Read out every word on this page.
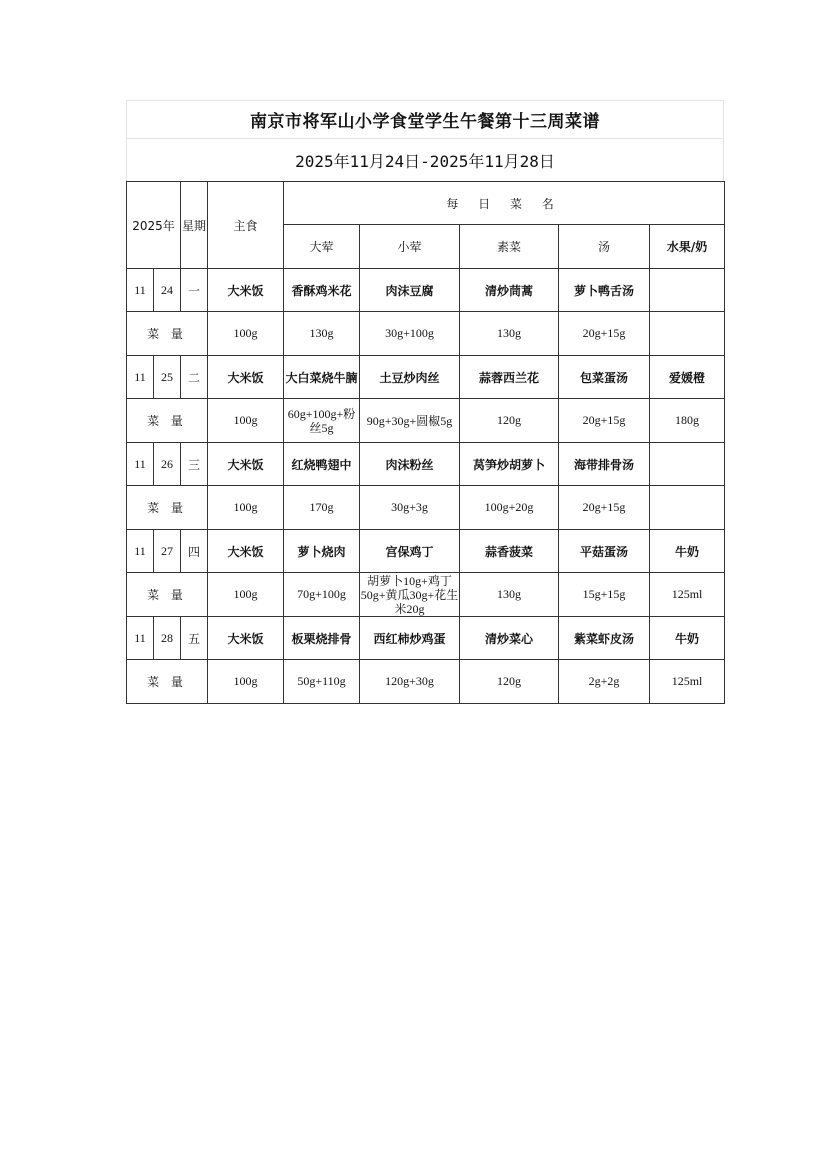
南京市将军山小学食堂学生午餐第十三周菜谱
2025年11月24日-2025年11月28日
2025年		星期	主食	每 日 菜 名				
				大荤	小荤	素菜	汤	水果/奶
11	24	一	大米饭	香酥鸡米花	肉沫豆腐	清炒茼蒿	萝卜鸭舌汤	
菜 量			100g	130g	30g+100g	130g	20g+15g	
11	25	二	大米饭	大白菜烧牛腩	土豆炒肉丝	蒜蓉西兰花	包菜蛋汤	爱媛橙
菜 量			100g	60g+100g+粉丝5g	90g+30g+圆椒5g	120g	20g+15g	180g
11	26	三	大米饭	红烧鸭翅中	肉沫粉丝	莴笋炒胡萝卜	海带排骨汤	
菜 量			100g	170g	30g+3g	100g+20g	20g+15g	
11	27	四	大米饭	萝卜烧肉	宫保鸡丁	蒜香菠菜	平菇蛋汤	牛奶
菜 量			100g	70g+100g	胡萝卜10g+鸡丁50g+黄瓜30g+花生米20g	130g	15g+15g	125ml
11	28	五	大米饭	板栗烧排骨	西红柿炒鸡蛋	清炒菜心	紫菜虾皮汤	牛奶
菜 量			100g	50g+110g	120g+30g	120g	2g+2g	125ml
